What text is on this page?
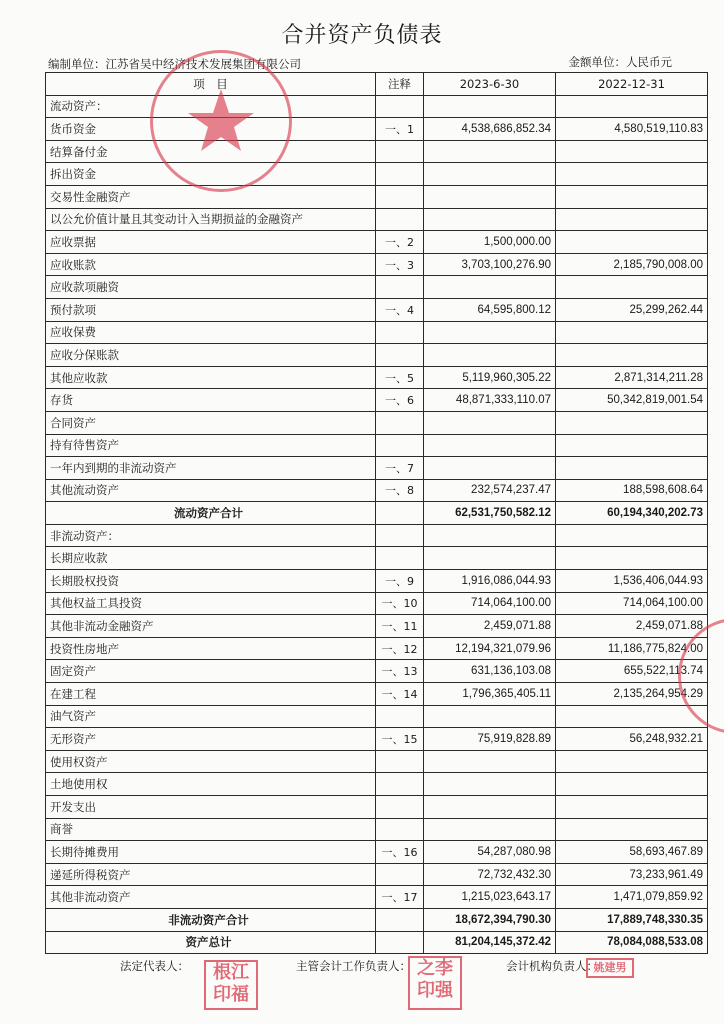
合并资产负债表
编制单位：江苏省吴中经济技术发展集团有限公司	金额单位：人民币元
项　目	注释	2023-6-30	2022-12-31
流动资产：			
货币资金	一、1	4,538,686,852.34	4,580,519,110.83
结算备付金			
拆出资金			
交易性金融资产			
以公允价值计量且其变动计入当期损益的金融资产			
应收票据	一、2	1,500,000.00	
应收账款	一、3	3,703,100,276.90	2,185,790,008.00
应收款项融资			
预付款项	一、4	64,595,800.12	25,299,262.44
应收保费			
应收分保账款			
其他应收款	一、5	5,119,960,305.22	2,871,314,211.28
存货	一、6	48,871,333,110.07	50,342,819,001.54
合同资产			
持有待售资产			
一年内到期的非流动资产	一、7		
其他流动资产	一、8	232,574,237.47	188,598,608.64
流动资产合计		62,531,750,582.12	60,194,340,202.73
非流动资产：			
长期应收款			
长期股权投资	一、9	1,916,086,044.93	1,536,406,044.93
其他权益工具投资	一、10	714,064,100.00	714,064,100.00
其他非流动金融资产	一、11	2,459,071.88	2,459,071.88
投资性房地产	一、12	12,194,321,079.96	11,186,775,824.00
固定资产	一、13	631,136,103.08	655,522,113.74
在建工程	一、14	1,796,365,405.11	2,135,264,954.29
油气资产			
无形资产	一、15	75,919,828.89	56,248,932.21
使用权资产			
土地使用权			
开发支出			
商誉			
长期待摊费用	一、16	54,287,080.98	58,693,467.89
递延所得税资产		72,732,432.30	73,233,961.49
其他非流动资产	一、17	1,215,023,643.17	1,471,079,859.92
非流动资产合计		18,672,394,790.30	17,889,748,330.35
资产总计		81,204,145,372.42	78,084,088,533.08
法定代表人：	主管会计工作负责人：	会计机构负责人：
根江印福
之李印强
姚建男
